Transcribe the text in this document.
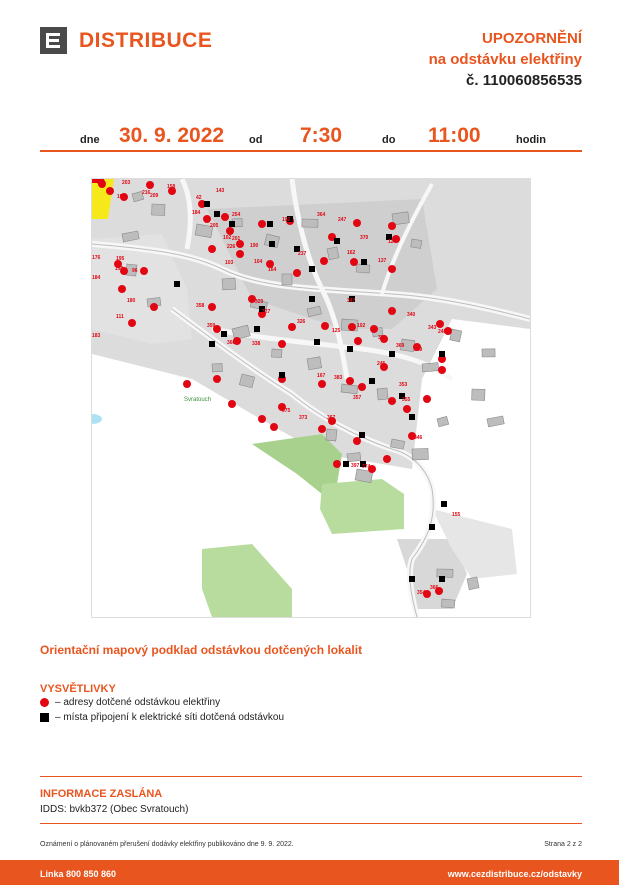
DISTRIBUCE	UPOZORNĚNÍ
na odstávku elektřiny
č. 110060856535
dne 30. 9. 2022 od 7:30	do 11:00	hodin
140	203
157
216 209
158
42
143
254
205
184
201
226	190
192
364
247
370
12
102
103	104
164
237	162
137
176	195
198 96
184
180
111
183
358
329
327
326
125
102
324
359
366	338
343
248
340
339
347
369
245
167 383
357	355
353
375
373	367
346
397 374
155
354
366
Svratouch
Orientační mapový podklad odstávkou dotčených lokalit
VYSVĚTLIVKY
– adresy dotčené odstávkou elektřiny
– místa připojení k elektrické síti dotčená odstávkou
INFORMACE ZASLÁNA
IDDS: bvkb372 (Obec Svratouch)
Oznámení o plánovaném přerušení dodávky elektřiny publikováno dne 9. 9. 2022.	Strana 2 z 2
Linka 800 850 860	www.cezdistribuce.cz/odstavky
